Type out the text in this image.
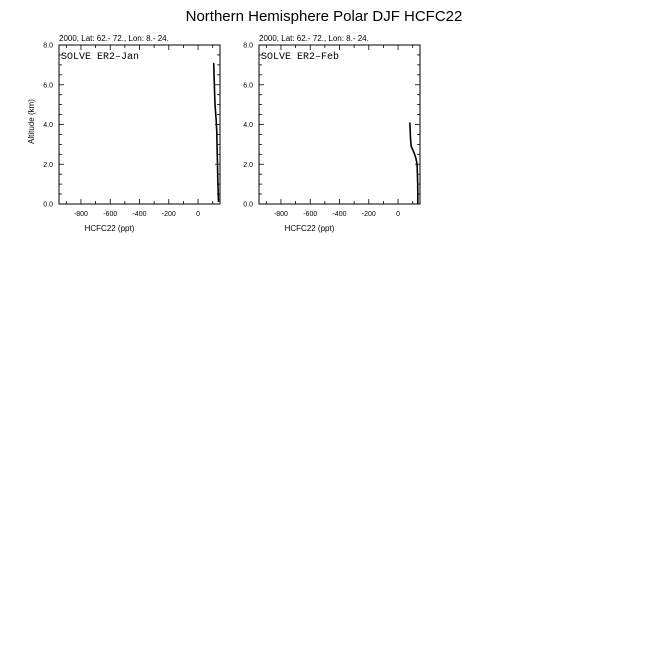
Northern Hemisphere Polar DJF HCFC22
2000, Lat: 62.- 72., Lon: 8.- 24.
SOLVE ER2–Jan
-800 -600 -400 -200	0
0.0
2.0
4.0
6.0
8.0
HCFC22 (ppt)
Altitude (km)
2000, Lat: 62.- 72., Lon: 8.- 24.
SOLVE ER2–Feb
-800 -600 -400 -200	0
0.0
2.0
4.0
6.0
8.0
HCFC22 (ppt)
